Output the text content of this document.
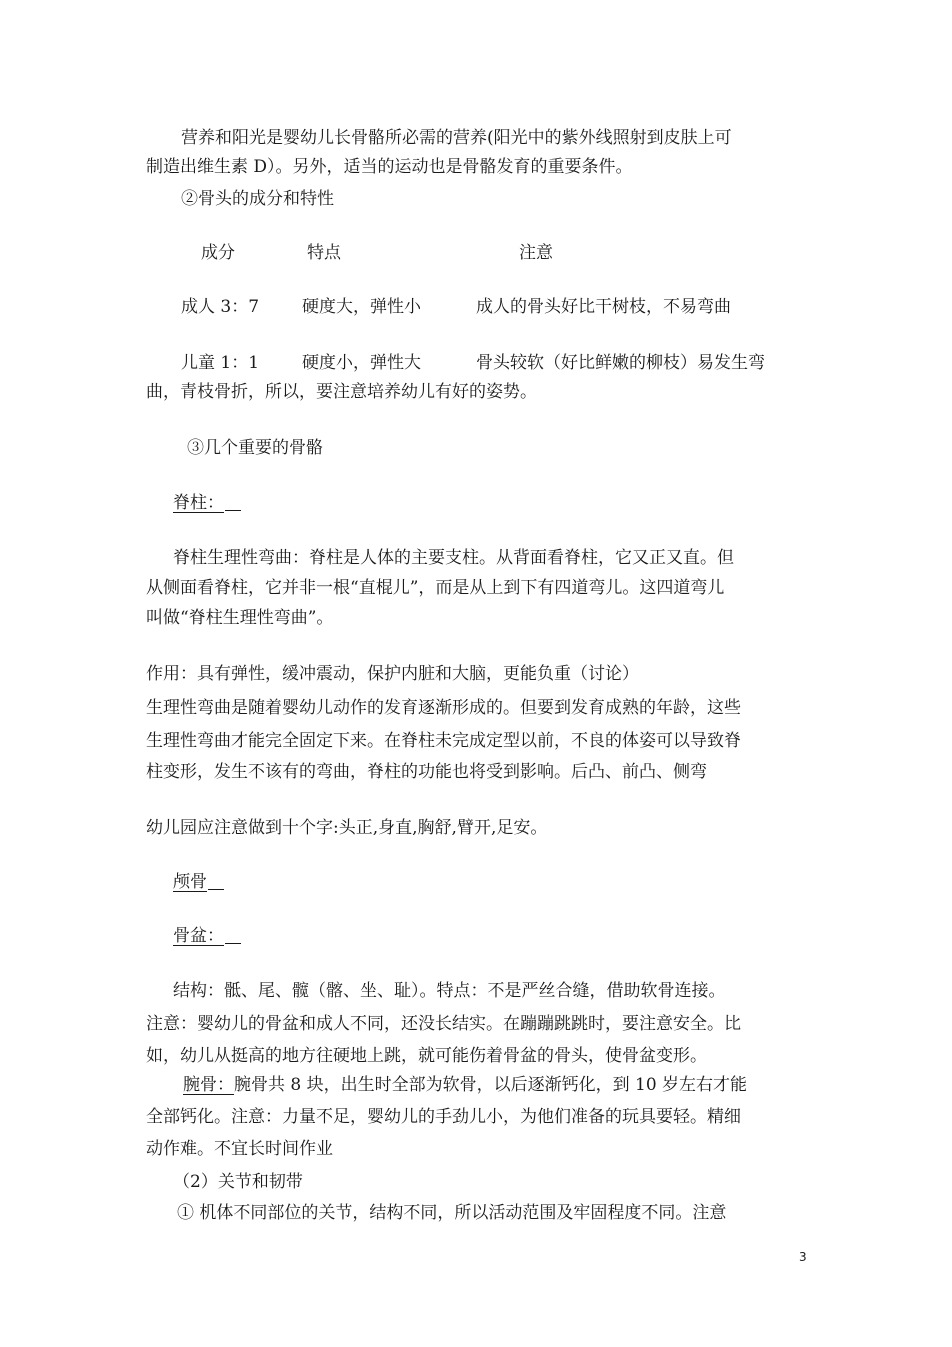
营养和阳光是婴幼儿长骨骼所必需的营养(阳光中的紫外线照射到皮肤上可
制造出维生素 D）。另外，适当的运动也是骨骼发育的重要条件。
②骨头的成分和特性
成分	特点	注意
成人 3：7	硬度大，弹性小	成人的骨头好比干树枝，不易弯曲
儿童 1：1	硬度小，弹性大	骨头较软（好比鲜嫩的柳枝）易发生弯
曲，青枝骨折，所以，要注意培养幼儿有好的姿势。
③几个重要的骨骼
脊柱：
脊柱生理性弯曲：脊柱是人体的主要支柱。从背面看脊柱，它又正又直。但
从侧面看脊柱，它并非一根“直棍儿”，而是从上到下有四道弯儿。这四道弯儿
叫做“脊柱生理性弯曲”。
作用：具有弹性，缓冲震动，保护内脏和大脑，更能负重（讨论）
生理性弯曲是随着婴幼儿动作的发育逐渐形成的。但要到发育成熟的年龄，这些
生理性弯曲才能完全固定下来。在脊柱未完成定型以前，不良的体姿可以导致脊
柱变形，发生不该有的弯曲，脊柱的功能也将受到影响。后凸、前凸、侧弯
幼儿园应注意做到十个字:头正,身直,胸舒,臂开,足安。
颅骨
骨盆：
结构：骶、尾、髋（髂、坐、耻）。特点：不是严丝合缝，借助软骨连接。
注意：婴幼儿的骨盆和成人不同，还没长结实。在蹦蹦跳跳时，要注意安全。比
如，幼儿从挺高的地方往硬地上跳，就可能伤着骨盆的骨头，使骨盆变形。
腕骨：腕骨共 8 块，出生时全部为软骨，以后逐渐钙化，到 10 岁左右才能
全部钙化。注意：力量不足，婴幼儿的手劲儿小，为他们准备的玩具要轻。精细
动作难。不宜长时间作业
（2）关节和韧带
① 机体不同部位的关节，结构不同，所以活动范围及牢固程度不同。注意
3
